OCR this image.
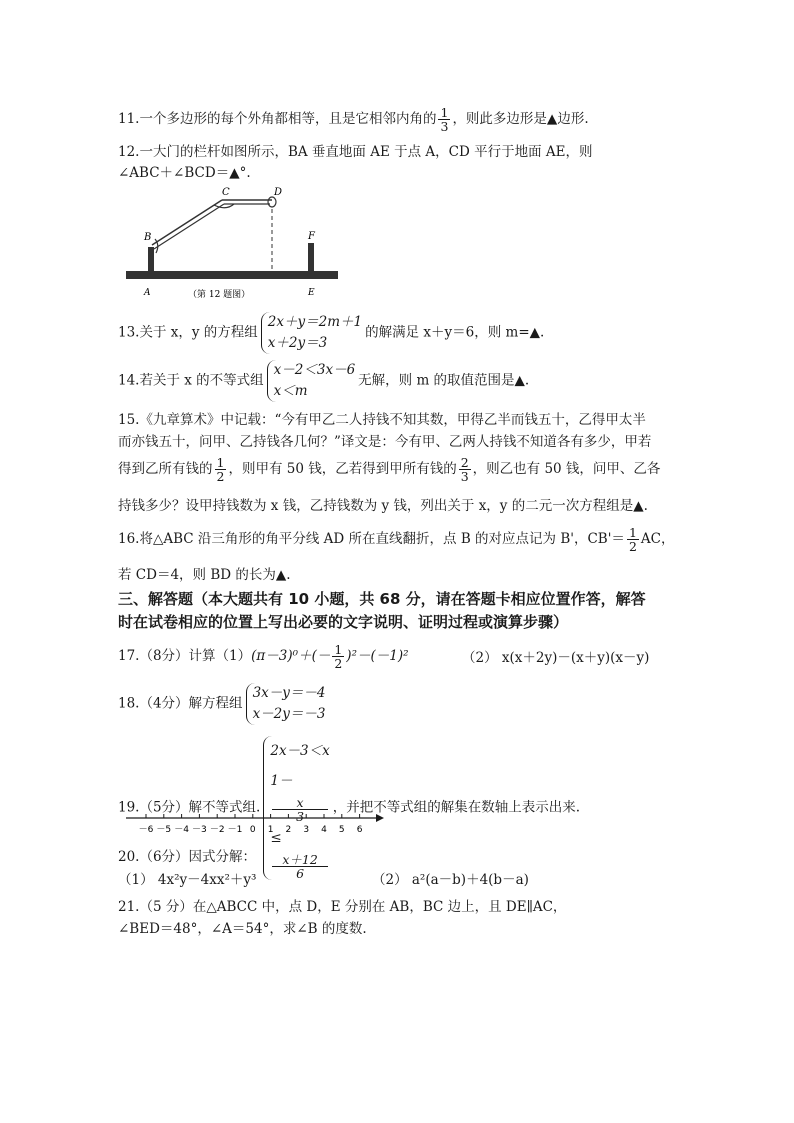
11.一个多边形的每个外角都相等，且是它相邻内角的 $\frac{1}{3}$ ，则此多边形是▲边形.
12.一大门的栏杆如图所示，BA 垂直地面 AE 于点 A，CD 平行于地面 AE，则
∠ABC＋∠BCD＝▲°.
C	D
B	F
A	E
（第 12 题图）
13.关于 x，y 的方程组
2x＋y＝2m＋1
x＋2y＝3
的解满足 x＋y＝6，则 m=▲.
14.若关于 x 的不等式组
x－2＜3x－6
x＜m
无解，则 m 的取值范围是▲.
15.《九章算术》中记载：“今有甲乙二人持钱不知其数，甲得乙半而钱五十，乙得甲太半
而亦钱五十，问甲、乙持钱各几何？”译文是：今有甲、乙两人持钱不知道各有多少，甲若
得到乙所有钱的 $\frac{1}{2}$ ，则甲有 50 钱，乙若得到甲所有钱的 $\frac{2}{3}$ ，则乙也有 50 钱，问甲、乙各
持钱多少？设甲持钱数为 x 钱，乙持钱数为 y 钱，列出关于 x，y 的二元一次方程组是▲.
16.将△ABC 沿三角形的角平分线 AD 所在直线翻折，点 B 的对应点记为 B'，$CB'= \frac{1}{2}$ AC，
若 CD＝4，则 BD 的长为▲.
三、解答题（本大题共有 10 小题，共 68 分，请在答题卡相应位置作答，解答
时在试卷相应的位置上写出必要的文字说明、证明过程或演算步骤）
17.（8分）计算$(1)(\pi-3)^0+(- \frac{1}{2} )^2-(-1)^2$	（2） x(x＋2y)－(x＋y)(x－y)
18.（4分）解方程组
3x－y＝－4
x－2y＝－3
19.（5分）解不等式组.
2x－3＜x
1－
x
3
≤
x＋12
6
，并把不等式组的解集在数轴上表示出来.
－6 －5 －4 －3 －2 －1 0 1 2 3 4 5 6
20.（6分）因式分解：
（1） 4x²y－4xx²＋y³	（2） a²(a－b)＋4(b－a)
21.（5 分）在△ABCC 中，点 D，E 分别在 AB，BC 边上，且 DE∥AC，
∠BED＝48°，∠A＝54°，求∠B 的度数.
